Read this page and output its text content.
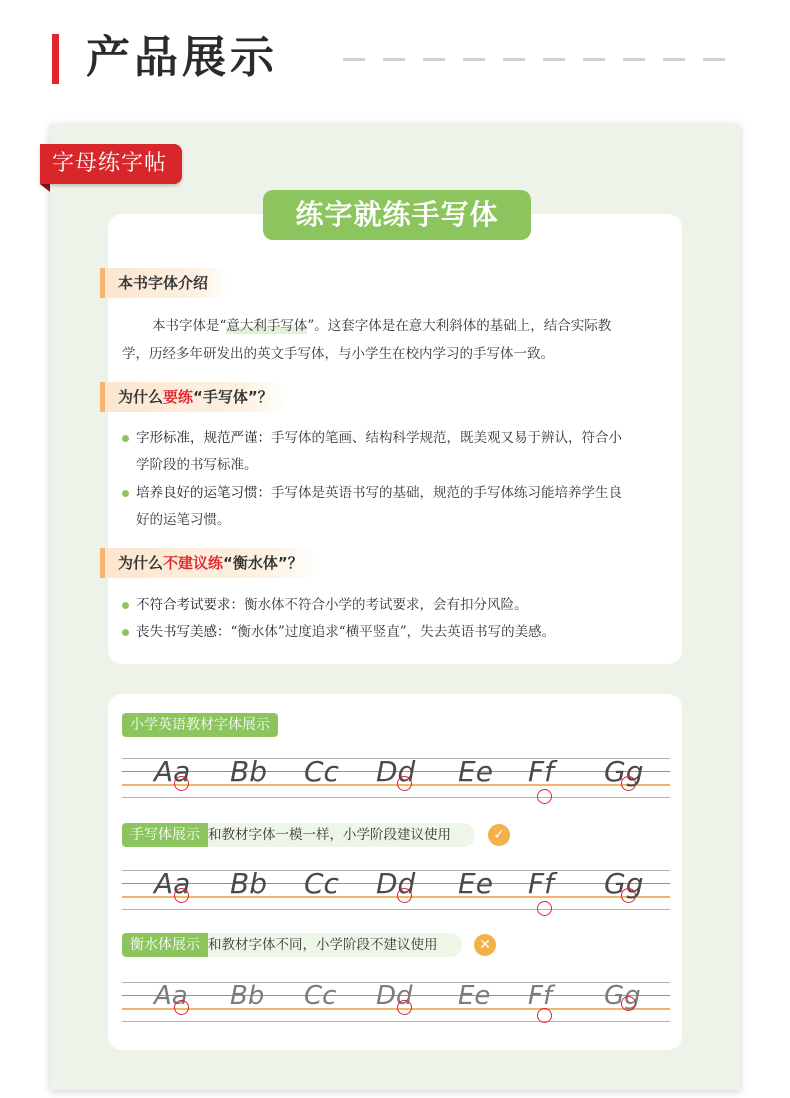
产品展示
字母练字帖
练字就练手写体
本书字体介绍
本书字体是“意大利手写体”。这套字体是在意大利斜体的基础上，结合实际教
学，历经多年研发出的英文手写体，与小学生在校内学习的手写体一致。
为什么要练“手写体”？
字形标准，规范严谨：手写体的笔画、结构科学规范，既美观又易于辨认，符合小
学阶段的书写标准。
培养良好的运笔习惯：手写体是英语书写的基础，规范的手写体练习能培养学生良
好的运笔习惯。
为什么不建议练“衡水体”？
不符合考试要求：衡水体不符合小学的考试要求，会有扣分风险。
丧失书写美感：“衡水体”过度追求“横平竖直”，失去英语书写的美感。
小学英语教材字体展示
Aa Bb Cc Dd Ee Ff Gg
和教材字体一模一样，小学阶段建议使用
手写体展示	✓
Aa Bb Cc Dd Ee Ff Gg
和教材字体不同，小学阶段不建议使用
衡水体展示	✕
Aa Bb Cc Dd Ee Ff Gg
